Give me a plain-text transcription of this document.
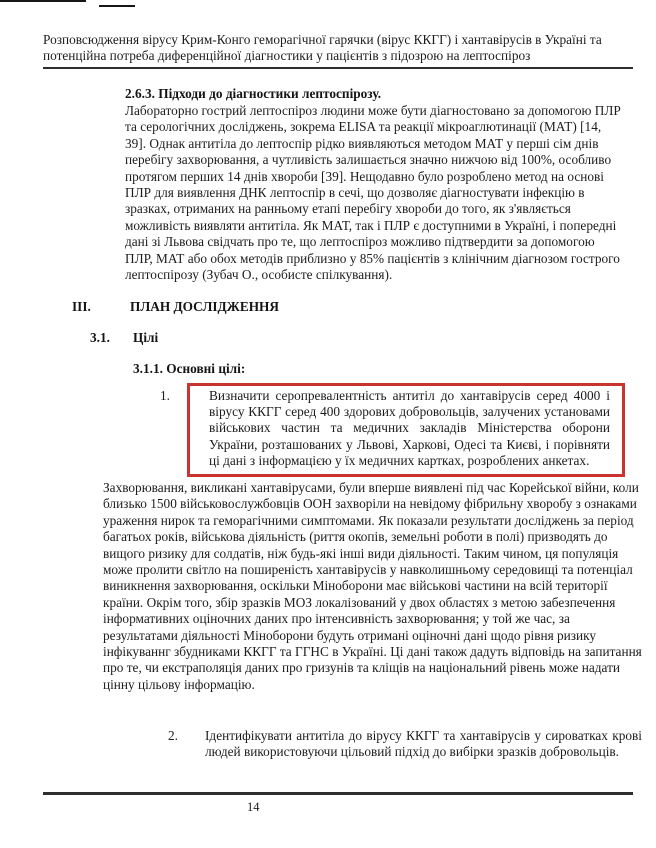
Розповсюдження вірусу Крим-Конго геморагічної гарячки (вірус ККГГ) і хантавірусів в Україні та потенційна потреба диференційної діагностики у пацієнтів з підозрою на лептоспіроз
2.6.3. Підходи до діагностики лептоспірозу.
Лабораторно гострий лептоспіроз людини може бути діагностовано за допомогою ПЛР та серологічних досліджень, зокрема ELISA та реакції мікроаглютинації (МАТ) [14, 39]. Однак антитіла до лептоспір рідко виявляються методом МАТ у перші сім днів перебігу захворювання, а чутливість залишається значно нижчою від 100%, особливо протягом перших 14 днів хвороби [39]. Нещодавно було розроблено метод на основі ПЛР для виявлення ДНК лептоспір в сечі, що дозволяє діагностувати інфекцію в зразках, отриманих на ранньому етапі перебігу хвороби до того, як з'являється можливість виявляти антитіла. Як МАТ, так і ПЛР є доступними в Україні, і попередні дані зі Львова свідчать про те, що лептоспіроз можливо підтвердити за допомогою ПЛР, МАТ або обох методів приблизно у 85% пацієнтів з клінічним діагнозом гострого лептоспірозу (Зубач О., особисте спілкування).
III.	ПЛАН ДОСЛІДЖЕННЯ
3.1. Цілі
3.1.1. Основні цілі:
1.	Визначити серопревалентність антитіл до хантавірусів серед 4000 і вірусу ККГГ серед 400 здорових добровольців, залучених установами військових частин та медичних закладів Міністерства оборони України, розташованих у Львові, Харкові, Одесі та Києві, і порівняти ці дані з інформацією у їх медичних картках, розроблених анкетах.
Захворювання, викликані хантавірусами, були вперше виявлені під час Корейської війни, коли близько 1500 військовослужбовців ООН захворіли на невідому фібрильну хворобу з ознаками ураження нирок та геморагічними симптомами. Як показали результати досліджень за період багатьох років, військова діяльність (риття окопів, земельні роботи в полі) призводять до вищого ризику для солдатів, ніж будь-які інші види діяльності. Таким чином, ця популяція може пролити світло на поширеність хантавірусів у навколишньому середовищі та потенціал виникнення захворювання, оскільки Міноборони має військові частини на всій території країни. Окрім того, збір зразків МОЗ локалізований у двох областях з метою забезпечення інформативних оціночних даних про інтенсивність захворювання; у той же час, за результатами діяльності Міноборони будуть отримані оціночні дані щодо рівня ризику інфікуваннг збудниками ККГГ та ГГНС в Україні. Ці дані також дадуть відповідь на запитання про те, чи екстраполяція даних про гризунів та кліщів на національний рівень може надати цінну цільову інформацію.
2. Ідентифікувати антитіла до вірусу ККГГ та хантавірусів у сироватках крові людей використовуючи цільовий підхід до вибірки зразків добровольців.
14
